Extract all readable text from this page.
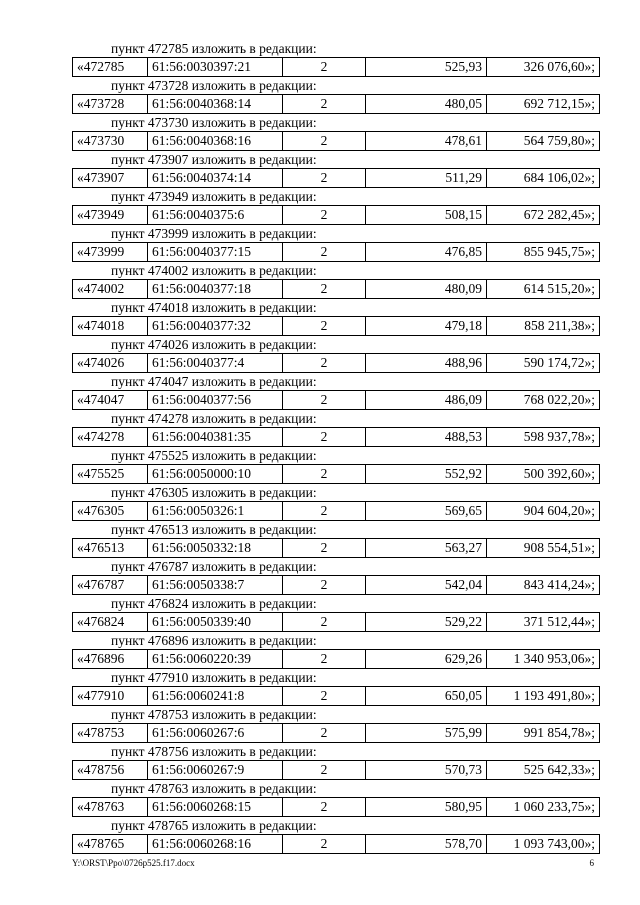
пункт 472785 изложить в редакции:
«472785	61:56:0030397:21	2	525,93	326 076,60»;
пункт 473728 изложить в редакции:
«473728	61:56:0040368:14	2	480,05	692 712,15»;
пункт 473730 изложить в редакции:
«473730	61:56:0040368:16	2	478,61	564 759,80»;
пункт 473907 изложить в редакции:
«473907	61:56:0040374:14	2	511,29	684 106,02»;
пункт 473949 изложить в редакции:
«473949	61:56:0040375:6	2	508,15	672 282,45»;
пункт 473999 изложить в редакции:
«473999	61:56:0040377:15	2	476,85	855 945,75»;
пункт 474002 изложить в редакции:
«474002	61:56:0040377:18	2	480,09	614 515,20»;
пункт 474018 изложить в редакции:
«474018	61:56:0040377:32	2	479,18	858 211,38»;
пункт 474026 изложить в редакции:
«474026	61:56:0040377:4	2	488,96	590 174,72»;
пункт 474047 изложить в редакции:
«474047	61:56:0040377:56	2	486,09	768 022,20»;
пункт 474278 изложить в редакции:
«474278	61:56:0040381:35	2	488,53	598 937,78»;
пункт 475525 изложить в редакции:
«475525	61:56:0050000:10	2	552,92	500 392,60»;
пункт 476305 изложить в редакции:
«476305	61:56:0050326:1	2	569,65	904 604,20»;
пункт 476513 изложить в редакции:
«476513	61:56:0050332:18	2	563,27	908 554,51»;
пункт 476787 изложить в редакции:
«476787	61:56:0050338:7	2	542,04	843 414,24»;
пункт 476824 изложить в редакции:
«476824	61:56:0050339:40	2	529,22	371 512,44»;
пункт 476896 изложить в редакции:
«476896	61:56:0060220:39	2	629,26	1 340 953,06»;
пункт 477910 изложить в редакции:
«477910	61:56:0060241:8	2	650,05	1 193 491,80»;
пункт 478753 изложить в редакции:
«478753	61:56:0060267:6	2	575,99	991 854,78»;
пункт 478756 изложить в редакции:
«478756	61:56:0060267:9	2	570,73	525 642,33»;
пункт 478763 изложить в редакции:
«478763	61:56:0060268:15	2	580,95	1 060 233,75»;
пункт 478765 изложить в редакции:
«478765	61:56:0060268:16	2	578,70	1 093 743,00»;
Y:\ORST\Ppo\0726p525.f17.docx	6
